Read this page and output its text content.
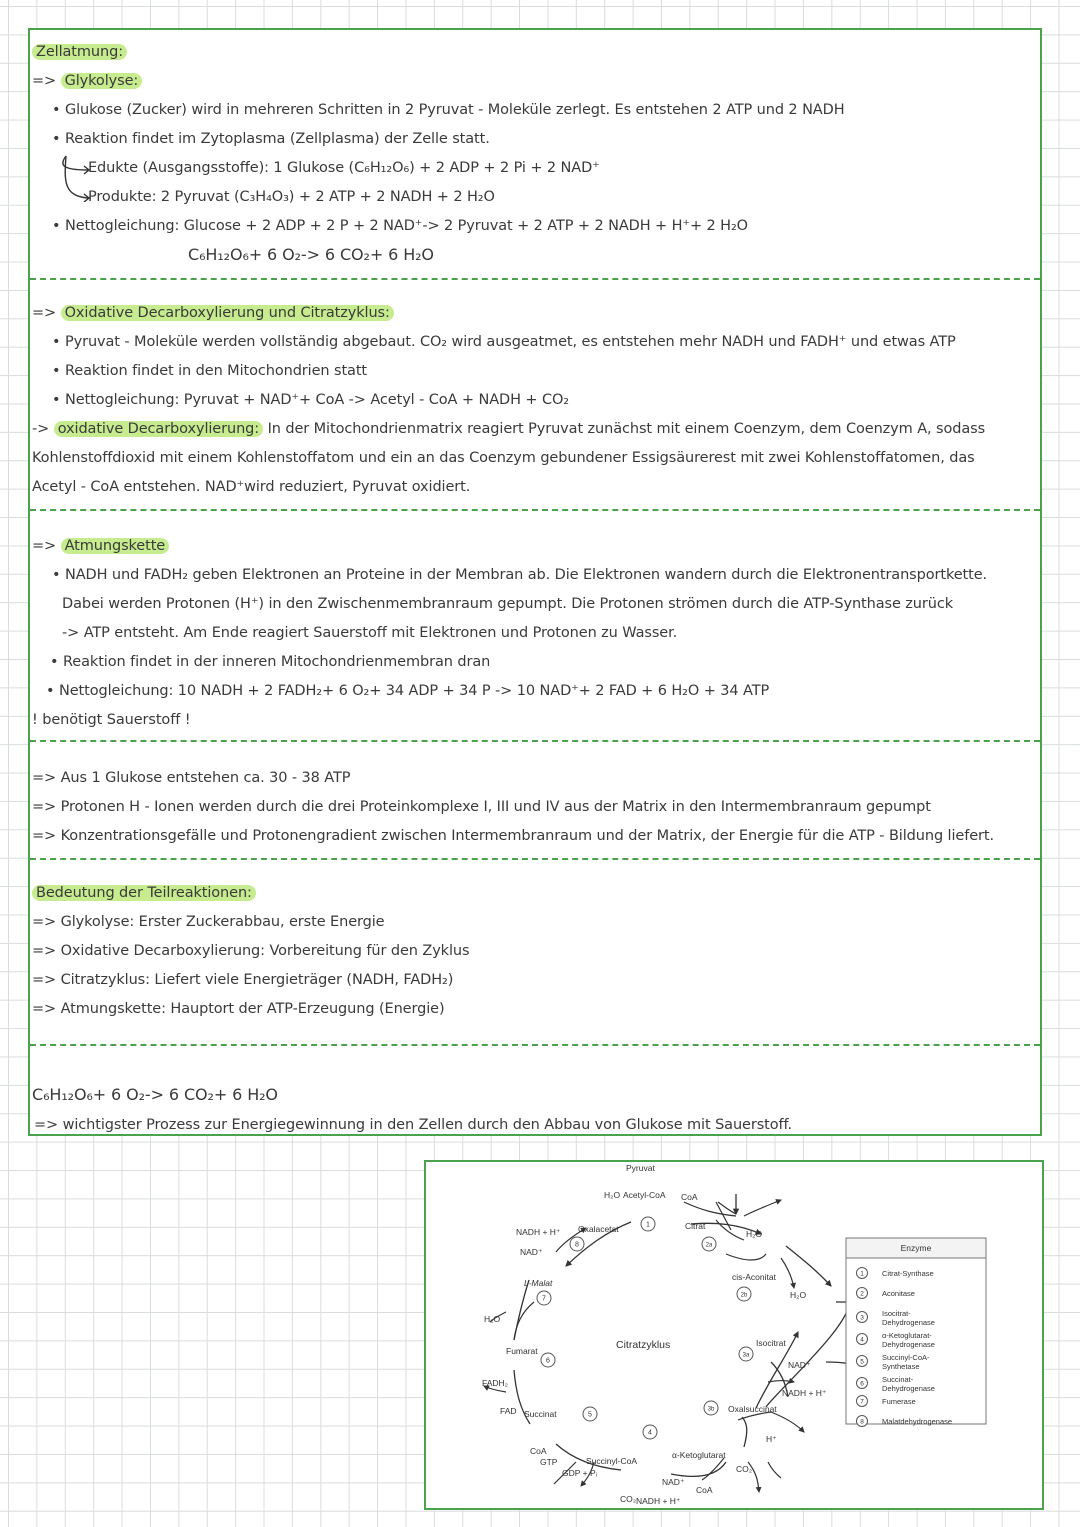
Zellatmung:
=> Glykolyse:
• Glukose (Zucker) wird in mehreren Schritten in 2 Pyruvat - Moleküle zerlegt. Es entstehen 2 ATP und 2 NADH
• Reaktion findet im Zytoplasma (Zellplasma) der Zelle statt.
Edukte (Ausgangsstoffe): 1 Glukose (C₆H₁₂O₆) + 2 ADP + 2 Pi + 2 NAD⁺
Produkte: 2 Pyruvat (C₃H₄O₃) + 2 ATP + 2 NADH + 2 H₂O
• Nettogleichung: Glucose + 2 ADP + 2 P + 2 NAD⁺-> 2 Pyruvat + 2 ATP + 2 NADH + H⁺+ 2 H₂O
C₆H₁₂O₆+ 6 O₂-> 6 CO₂+ 6 H₂O
=> Oxidative Decarboxylierung und Citratzyklus:
• Pyruvat - Moleküle werden vollständig abgebaut. CO₂ wird ausgeatmet, es entstehen mehr NADH und FADH⁺ und etwas ATP
• Reaktion findet in den Mitochondrien statt
• Nettogleichung: Pyruvat + NAD⁺+ CoA -> Acetyl - CoA + NADH + CO₂
-> oxidative Decarboxylierung: In der Mitochondrienmatrix reagiert Pyruvat zunächst mit einem Coenzym, dem Coenzym A, sodass
Kohlenstoffdioxid mit einem Kohlenstoffatom und ein an das Coenzym gebundener Essigsäurerest mit zwei Kohlenstoffatomen, das
Acetyl - CoA entstehen. NAD⁺wird reduziert, Pyruvat oxidiert.
=> Atmungskette
• NADH und FADH₂ geben Elektronen an Proteine in der Membran ab. Die Elektronen wandern durch die Elektronentransportkette.
Dabei werden Protonen (H⁺) in den Zwischenmembranraum gepumpt. Die Protonen strömen durch die ATP-Synthase zurück
-> ATP entsteht. Am Ende reagiert Sauerstoff mit Elektronen und Protonen zu Wasser.
• Reaktion findet in der inneren Mitochondrienmembran dran
• Nettogleichung: 10 NADH + 2 FADH₂+ 6 O₂+ 34 ADP + 34 P -> 10 NAD⁺+ 2 FAD + 6 H₂O + 34 ATP
! benötigt Sauerstoff !
=> Aus 1 Glukose entstehen ca. 30 - 38 ATP
=> Protonen H - Ionen werden durch die drei Proteinkomplexe I, III und IV aus der Matrix in den Intermembranraum gepumpt
=> Konzentrationsgefälle und Protonengradient zwischen Intermembranraum und der Matrix, der Energie für die ATP - Bildung liefert.
Bedeutung der Teilreaktionen:
=> Glykolyse: Erster Zuckerabbau, erste Energie
=> Oxidative Decarboxylierung: Vorbereitung für den Zyklus
=> Citratzyklus: Liefert viele Energieträger (NADH, FADH₂)
=> Atmungskette: Hauptort der ATP-Erzeugung (Energie)
C₆H₁₂O₆+ 6 O₂-> 6 CO₂+ 6 H₂O
=> wichtigster Prozess zur Energiegewinnung in den Zellen durch den Abbau von Glukose mit Sauerstoff.
Pyruvat
H₂O Acetyl-CoA CoA
Oxalacetat	Citrat
H₂O
NADH + H⁺
NAD⁺
L-Malat
cis-Aconitat
H₂O
H₂O
Fumarat
Isocitrat
NAD⁺
NADH + H⁺
FADH₂
FAD Succinat	Oxalsuccinat
H⁺
CO₂
CoA
GTP	Succinyl-CoA
GDP + Pᵢ
α-Ketoglutarat
NAD⁺
CoA
CO₂ NADH + H⁺
Citratzyklus
1
2a
2b
3a
3b
4
5
6
7
8	Enzyme
1 Citrat-Synthase
2 Aconitase
3 Isocitrat-
Dehydrogenase
4 α-Ketoglutarat-
Dehydrogenase
5 Succinyl-CoA-
Synthetase
6 Succinat-
Dehydrogenase
7 Fumerase
8 Malatdehydrogenase
